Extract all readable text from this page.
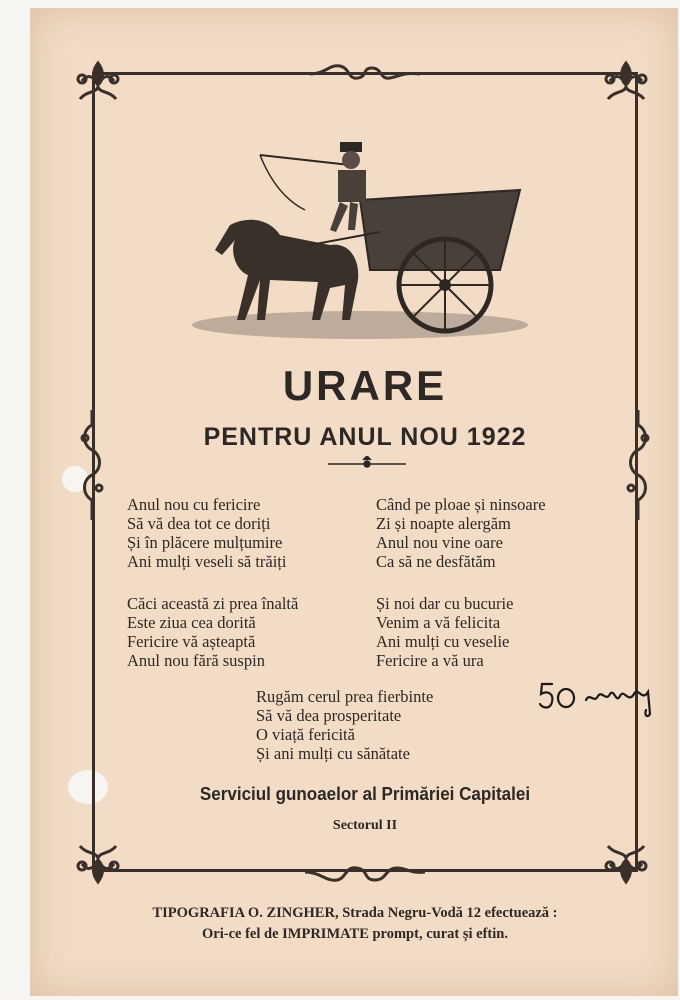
URARE
PENTRU ANUL NOU 1922
Anul nou cu fericire
Să vă dea tot ce doriți
Și în plăcere mulțumire
Ani mulți veseli să trăiți
Când pe ploae și ninsoare
Zi și noapte alergăm
Anul nou vine oare
Ca să ne desfătăm
Căci această zi prea înaltă
Este ziua cea dorită
Fericire vă așteaptă
Anul nou fără suspin
Și noi dar cu bucurie
Venim a vă felicita
Ani mulți cu veselie
Fericire a vă ura
Rugăm cerul prea fierbinte
Să vă dea prosperitate
O viață fericită
Și ani mulți cu sănătate
Serviciul gunoaelor al Primăriei Capitalei
Sectorul II
TIPOGRAFIA O. ZINGHER, Strada Negru-Vodă 12 efectuează :
Ori-ce fel de IMPRIMATE prompt, curat și eftin.
